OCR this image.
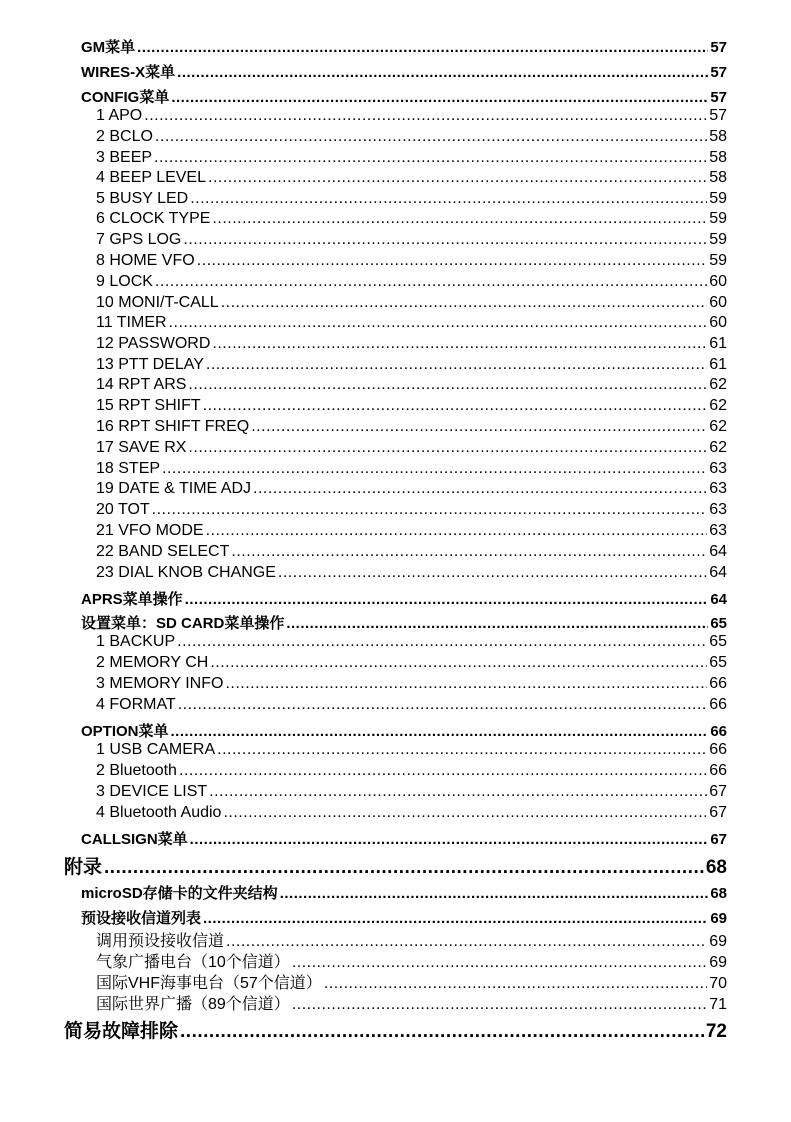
GM菜单 .....	57
WIRES-X菜单 .....	57
CONFIG菜单 .....	57
1 APO .....	57
2 BCLO .....	58
3 BEEP .....	58
4 BEEP LEVEL .....	58
5 BUSY LED .....	59
6 CLOCK TYPE .....	59
7 GPS LOG .....	59
8 HOME VFO .....	59
9 LOCK .....	60
10 MONI/T-CALL .....	60
11 TIMER .....	60
12 PASSWORD .....	61
13 PTT DELAY .....	61
14 RPT ARS .....	62
15 RPT SHIFT .....	62
16 RPT SHIFT FREQ .....	62
17 SAVE RX .....	62
18 STEP .....	63
19 DATE & TIME ADJ .....	63
20 TOT .....	63
21 VFO MODE .....	63
22 BAND SELECT .....	64
23 DIAL KNOB CHANGE .....	64
APRS菜单操作 .....	64
设置菜单：SD CARD菜单操作 .....	65
1 BACKUP .....	65
2 MEMORY CH .....	65
3 MEMORY INFO .....	66
4 FORMAT .....	66
OPTION菜单 .....	66
1 USB CAMERA .....	66
2 Bluetooth .....	66
3 DEVICE LIST .....	67
4 Bluetooth Audio .....	67
CALLSIGN菜单 .....	67
附录 .....	68
microSD存储卡的文件夹结构 .....	68
预设接收信道列表 .....	69
调用预设接收信道 .....	69
气象广播电台（10个信道） .....	69
国际VHF海事电台（57个信道） .....	70
国际世界广播（89个信道） .....	71
简易故障排除 .....	72
